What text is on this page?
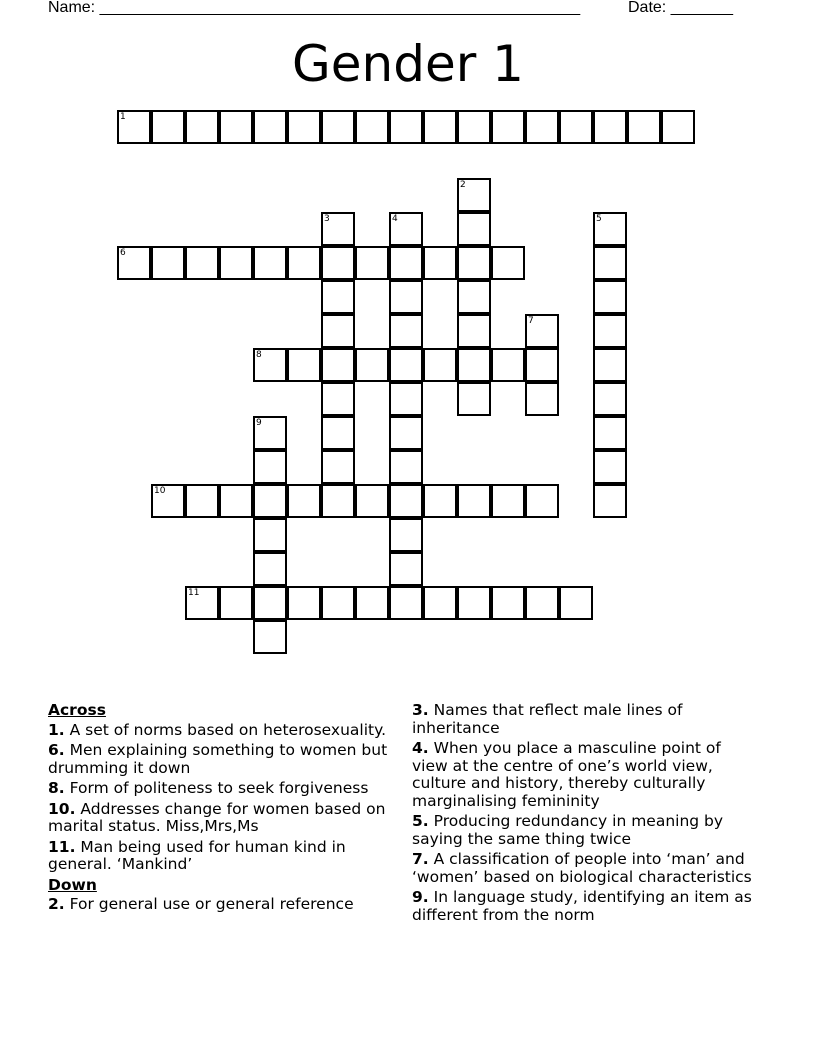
Name: ______________________________________________________	Date: _______
Gender 1
1
6
8
10
11
2
3	4	5
7
9
Across
1. A set of norms based on heterosexuality.
6. Men explaining something to women but drumming it down
8. Form of politeness to seek forgiveness
10. Addresses change for women based on marital status. Miss,Mrs,Ms
11. Man being used for human kind in general. ‘Mankind’
Down
2. For general use or general reference
3. Names that reflect male lines of inheritance
4. When you place a masculine point of view at the centre of one’s world view, culture and history, thereby culturally marginalising femininity
5. Producing redundancy in meaning by saying the same thing twice
7. A classification of people into ‘man’ and ‘women’ based on biological characteristics
9. In language study, identifying an item as different from the norm
